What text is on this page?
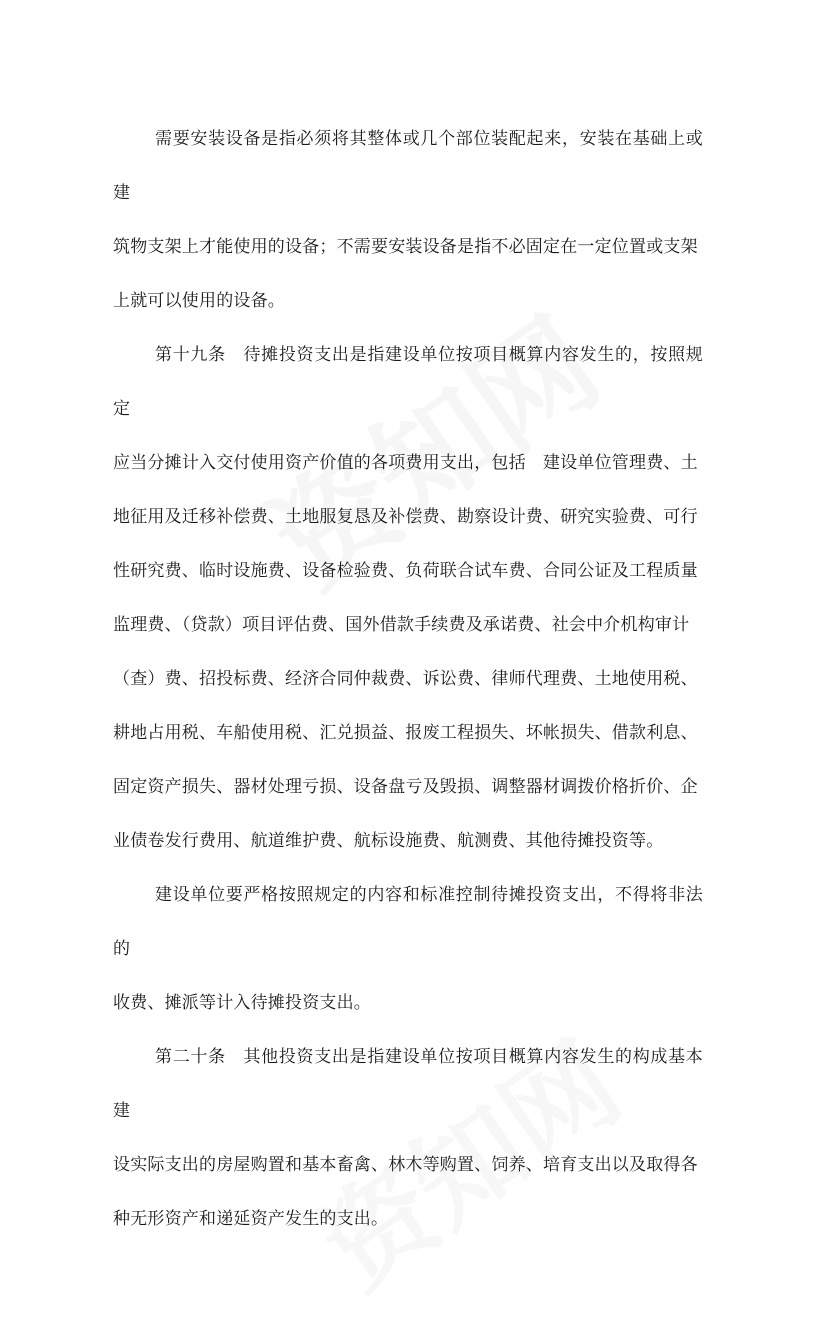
需要安装设备是指必须将其整体或几个部位装配起来，安装在基础上或建
筑物支架上才能使用的设备；不需要安装设备是指不必固定在一定位置或支架
上就可以使用的设备。

第十九条　待摊投资支出是指建设单位按项目概算内容发生的，按照规定
应当分摊计入交付使用资产价值的各项费用支出，包括　建设单位管理费、土
地征用及迁移补偿费、土地服复恳及补偿费、勘察设计费、研究实验费、可行
性研究费、临时设施费、设备检验费、负荷联合试车费、合同公证及工程质量
监理费、（贷款）项目评估费、国外借款手续费及承诺费、社会中介机构审计
（查）费、招投标费、经济合同仲裁费、诉讼费、律师代理费、土地使用税、
耕地占用税、车船使用税、汇兑损益、报废工程损失、坏帐损失、借款利息、
固定资产损失、器材处理亏损、设备盘亏及毁损、调整器材调拨价格折价、企
业债卷发行费用、航道维护费、航标设施费、航测费、其他待摊投资等。

建设单位要严格按照规定的内容和标准控制待摊投资支出，不得将非法的
收费、摊派等计入待摊投资支出。

第二十条　其他投资支出是指建设单位按项目概算内容发生的构成基本建
设实际支出的房屋购置和基本畜禽、林木等购置、饲养、培育支出以及取得各
种无形资产和递延资产发生的支出。
